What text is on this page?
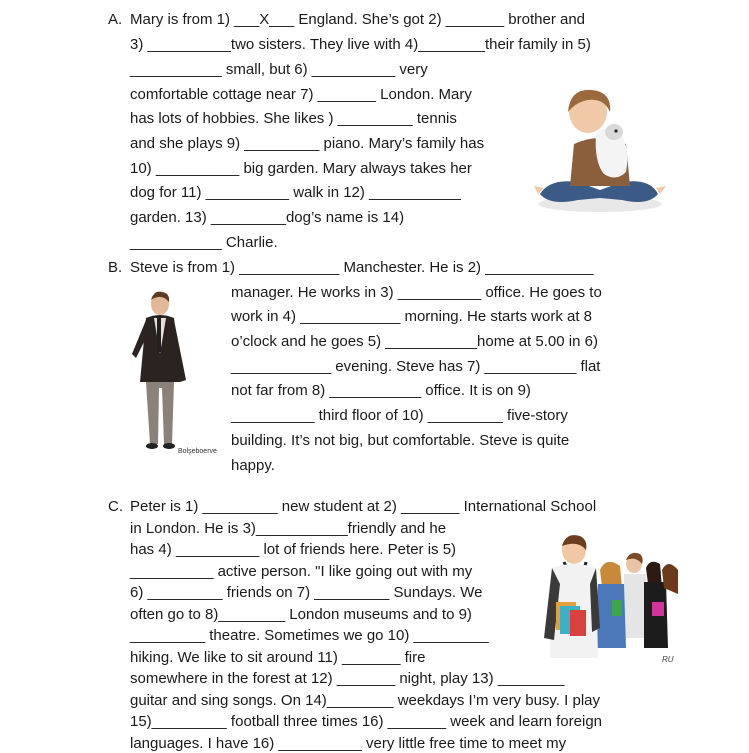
A. Mary is from 1) ___X___ England. She’s got 2) _______ brother and
3) __________two sisters. They live with 4)________their family in 5)
___________ small, but 6) __________ very
comfortable cottage near 7) _______ London. Mary
has lots of hobbies. She likes ) _________ tennis
and she plays 9) _________ piano. Mary’s family has
10) __________ big garden. Mary always takes her
dog for 11) __________ walk in 12) ___________
garden. 13) _________dog’s name is 14)
___________ Charlie.
B. Steve is from 1) ____________ Manchester. He is 2) _____________
manager. He works in 3) __________ office. He goes to
work in 4) ____________ morning. He starts work at 8
o’clock and he goes 5) ___________home at 5.00 in 6)
____________ evening. Steve has 7) ___________ flat
not far from 8) ___________ office. It is on 9)
__________ third floor of 10) _________ five-story
building. It’s not big, but comfortable. Steve is quite
happy.
Bolşeboerve
C. Peter is 1) _________ new student at 2) _______ International School
in London. He is 3)___________friendly and he
has 4) __________ lot of friends here. Peter is 5)
__________ active person. "I like going out with my
6) _________ friends on 7) _________ Sundays. We
often go to 8)________ London museums and to 9)
_________ theatre. Sometimes we go 10) _________
hiking. We like to sit around 11) _______ fire
somewhere in the forest at 12) _______ night, play 13) ________
guitar and sing songs. On 14)________ weekdays I’m very busy. I play
15)_________ football three times 16) _______ week and learn foreign
languages. I have 16) __________ very little free time to meet my
RU
